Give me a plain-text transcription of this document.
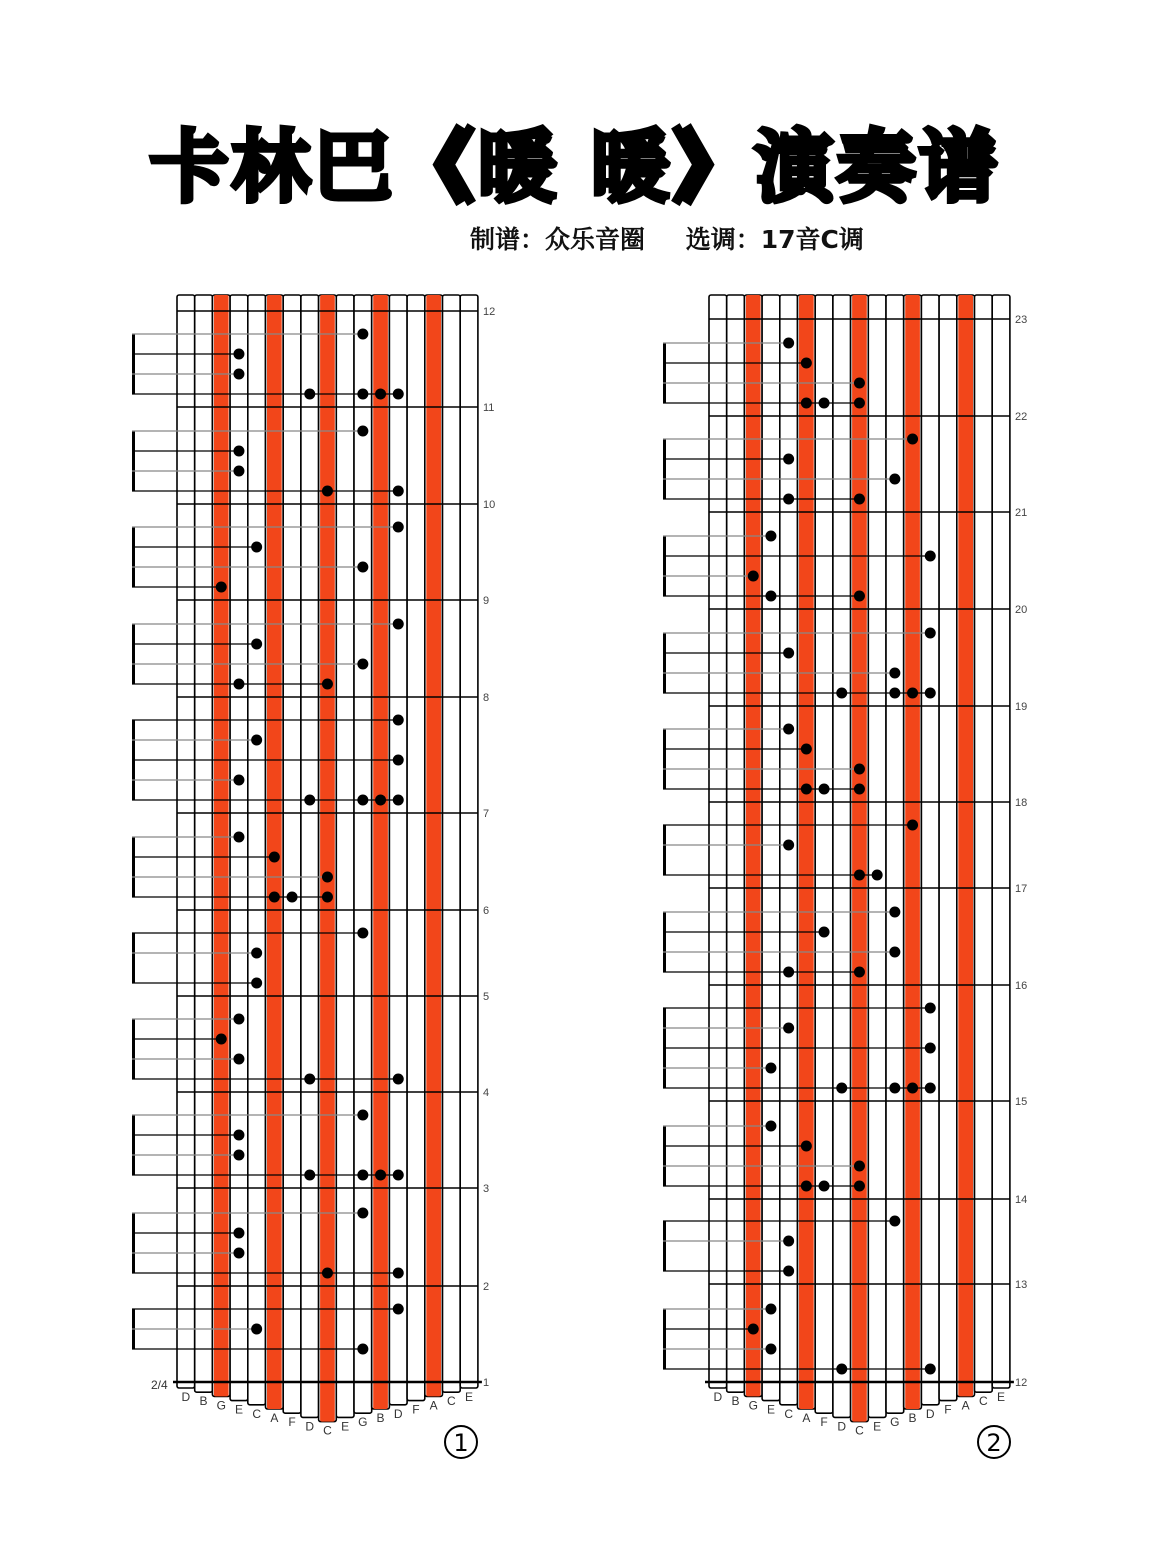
卡林巴《暖 暖》演奏谱
制谱：众乐音圈 选调：17音C调
D B G E C A F D C E G B D F A C E
1
2
3
4
5
6
7
8
9
10
11
12
1
2/4
D B G E C A F D C E G B D F A C E
12
13
14
15
16
17
18
19
20
21
22
23
2
